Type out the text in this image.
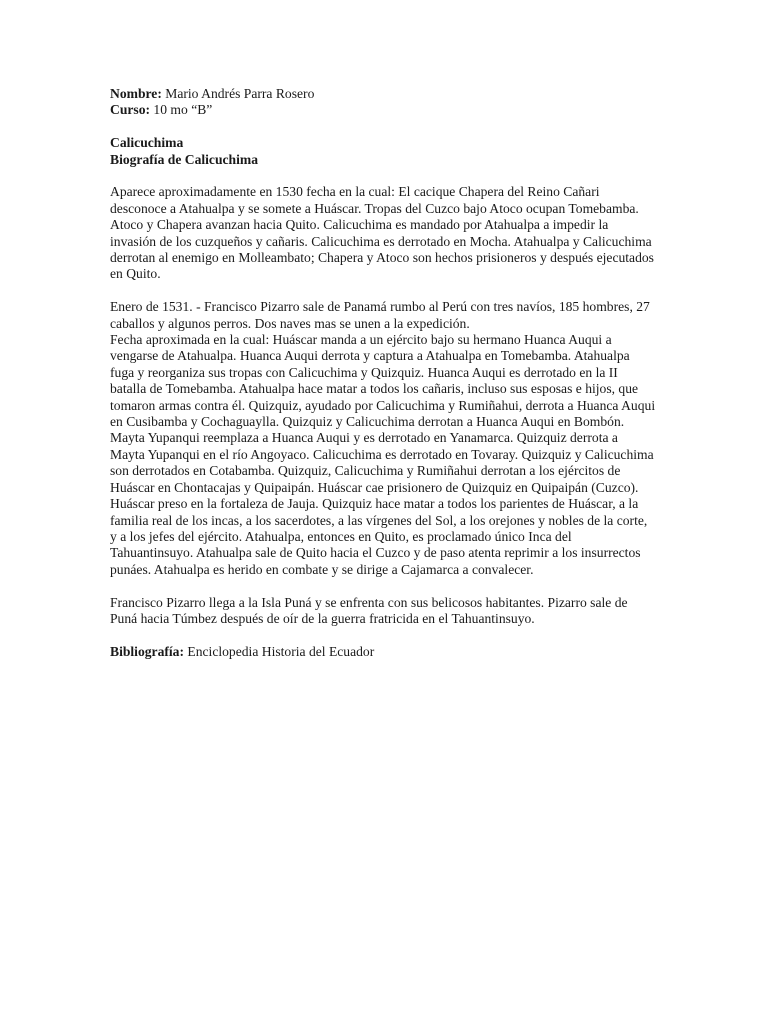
Nombre: Mario Andrés Parra Rosero

Curso: 10 mo “B”

Calicuchima

Biografía de Calicuchima

Aparece aproximadamente en 1530 fecha en la cual: El cacique Chapera del Reino Cañari desconoce a Atahualpa y se somete a Huáscar. Tropas del Cuzco bajo Atoco ocupan Tomebamba. Atoco y Chapera avanzan hacia Quito. Calicuchima es mandado por Atahualpa a impedir la invasión de los cuzqueños y cañaris. Calicuchima es derrotado en Mocha. Atahualpa y Calicuchima derrotan al enemigo en Molleambato; Chapera y Atoco son hechos prisioneros y después ejecutados en Quito.

Enero de 1531. - Francisco Pizarro sale de Panamá rumbo al Perú con tres navíos, 185 hombres, 27 caballos y algunos perros. Dos naves mas se unen a la expedición.
Fecha aproximada en la cual: Huáscar manda a un ejército bajo su hermano Huanca Auqui a vengarse de Atahualpa. Huanca Auqui derrota y captura a Atahualpa en Tomebamba. Atahualpa fuga y reorganiza sus tropas con Calicuchima y Quizquiz. Huanca Auqui es derrotado en la II batalla de Tomebamba. Atahualpa hace matar a todos los cañaris, incluso sus esposas e hijos, que tomaron armas contra él. Quizquiz, ayudado por Calicuchima y Rumiñahui, derrota a Huanca Auqui en Cusibamba y Cochaguaylla. Quizquiz y Calicuchima derrotan a Huanca Auqui en Bombón. Mayta Yupanqui reemplaza a Huanca Auqui y es derrotado en Yanamarca. Quizquiz derrota a Mayta Yupanqui en el río Angoyaco. Calicuchima es derrotado en Tovaray. Quizquiz y Calicuchima son derrotados en Cotabamba. Quizquiz, Calicuchima y Rumiñahui derrotan a los ejércitos de Huáscar en Chontacajas y Quipaipán. Huáscar cae prisionero de Quizquiz en Quipaipán (Cuzco). Huáscar preso en la fortaleza de Jauja. Quizquiz hace matar a todos los parientes de Huáscar, a la familia real de los incas, a los sacerdotes, a las vírgenes del Sol, a los orejones y nobles de la corte, y a los jefes del ejército. Atahualpa, entonces en Quito, es proclamado único Inca del Tahuantinsuyo. Atahualpa sale de Quito hacia el Cuzco y de paso atenta reprimir a los insurrectos punáes. Atahualpa es herido en combate y se dirige a Cajamarca a convalecer.

Francisco Pizarro llega a la Isla Puná y se enfrenta con sus belicosos habitantes. Pizarro sale de Puná hacia Túmbez después de oír de la guerra fratricida en el Tahuantinsuyo.

Bibliografía: Enciclopedia Historia del Ecuador
